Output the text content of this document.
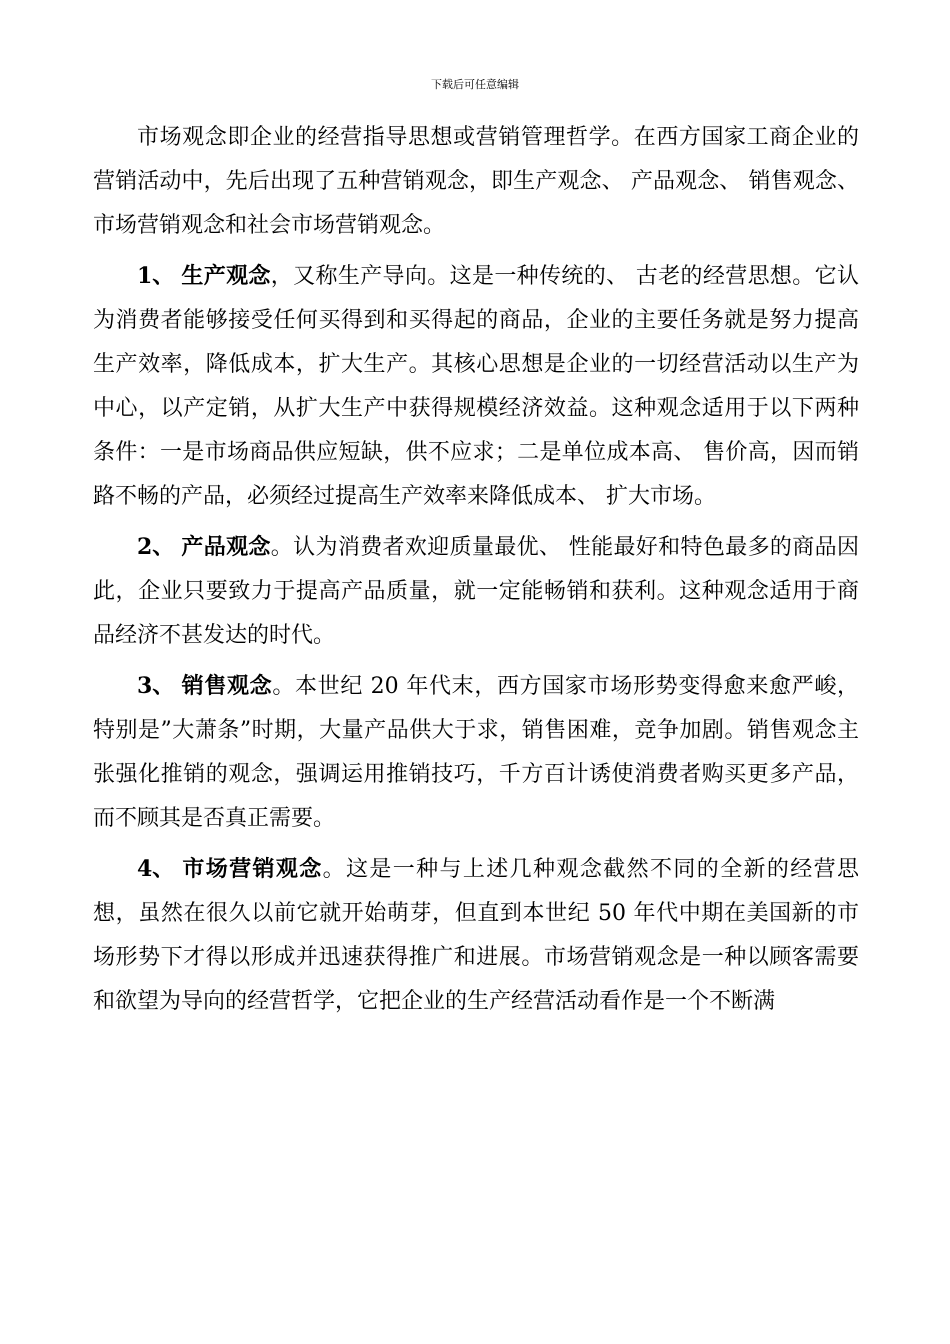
下载后可任意编辑

市场观念即企业的经营指导思想或营销管理哲学。在西方国家工商企业的营销活动中，先后出现了五种营销观念，即生产观念、 产品观念、 销售观念、 市场营销观念和社会市场营销观念。

1、 生产观念，又称生产导向。这是一种传统的、 古老的经营思想。它认为消费者能够接受任何买得到和买得起的商品，企业的主要任务就是努力提高生产效率，降低成本，扩大生产。其核心思想是企业的一切经营活动以生产为中心，以产定销，从扩大生产中获得规模经济效益。这种观念适用于以下两种条件：一是市场商品供应短缺，供不应求；二是单位成本高、 售价高，因而销路不畅的产品，必须经过提高生产效率来降低成本、 扩大市场。

2、 产品观念。认为消费者欢迎质量最优、 性能最好和特色最多的商品因此，企业只要致力于提高产品质量，就一定能畅销和获利。这种观念适用于商品经济不甚发达的时代。

3、 销售观念。本世纪 20 年代末，西方国家市场形势变得愈来愈严峻，特别是”大萧条”时期，大量产品供大于求，销售困难，竞争加剧。销售观念主张强化推销的观念，强调运用推销技巧，千方百计诱使消费者购买更多产品，而不顾其是否真正需要。

4、 市场营销观念。这是一种与上述几种观念截然不同的全新的经营思想，虽然在很久以前它就开始萌芽，但直到本世纪 50 年代中期在美国新的市场形势下才得以形成并迅速获得推广和进展。市场营销观念是一种以顾客需要和欲望为导向的经营哲学，它把企业的生产经营活动看作是一个不断满
